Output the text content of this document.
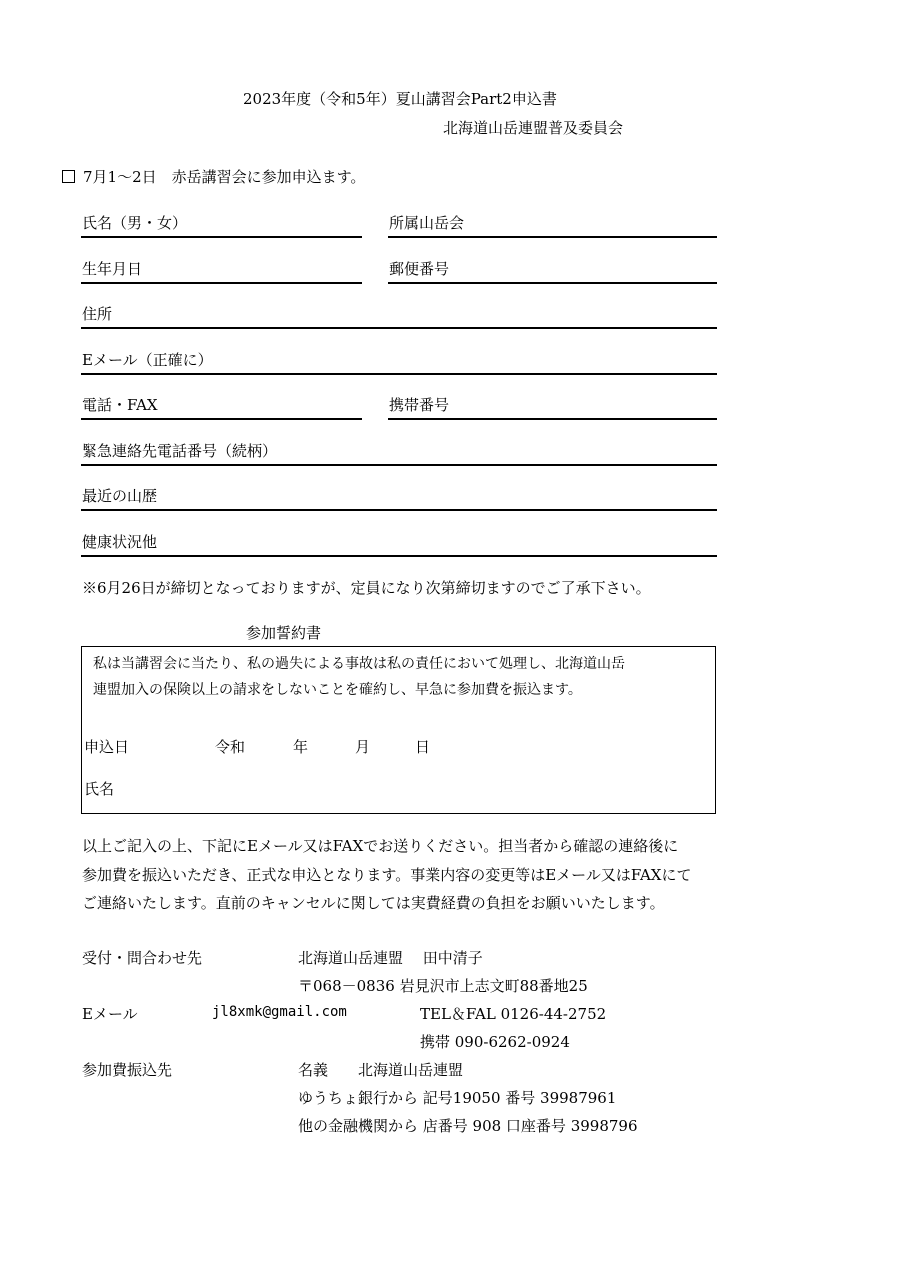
2023年度（令和5年）夏山講習会Part2申込書
北海道山岳連盟普及委員会
7月1～2日　赤岳講習会に参加申込ます。
氏名（男・女）	所属山岳会
生年月日	郵便番号
住所
Eメール（正確に）
電話・FAX	携帯番号
緊急連絡先電話番号（続柄）
最近の山歴
健康状況他
※6月26日が締切となっておりますが、定員になり次第締切ますのでご了承下さい。
参加誓約書
私は当講習会に当たり、私の過失による事故は私の責任において処理し、北海道山岳
連盟加入の保険以上の請求をしないことを確約し、早急に参加費を振込ます。
申込日	令和	年	月	日
氏名
以上ご記入の上、下記にEメール又はFAXでお送りください。担当者から確認の連絡後に
参加費を振込いただき、正式な申込となります。事業内容の変更等はEメール又はFAXにて
ご連絡いたします。直前のキャンセルに関しては実費経費の負担をお願いいたします。
受付・問合わせ先	北海道山岳連盟　 田中清子
〒068－0836 岩見沢市上志文町88番地25
Eメール	jl8xmk@gmail.com	TEL＆FAL 0126-44-2752
携帯 090-6262-0924
参加費振込先	名義　　北海道山岳連盟
ゆうちょ銀行から 記号19050 番号 39987961
他の金融機関から 店番号 908 口座番号 3998796
